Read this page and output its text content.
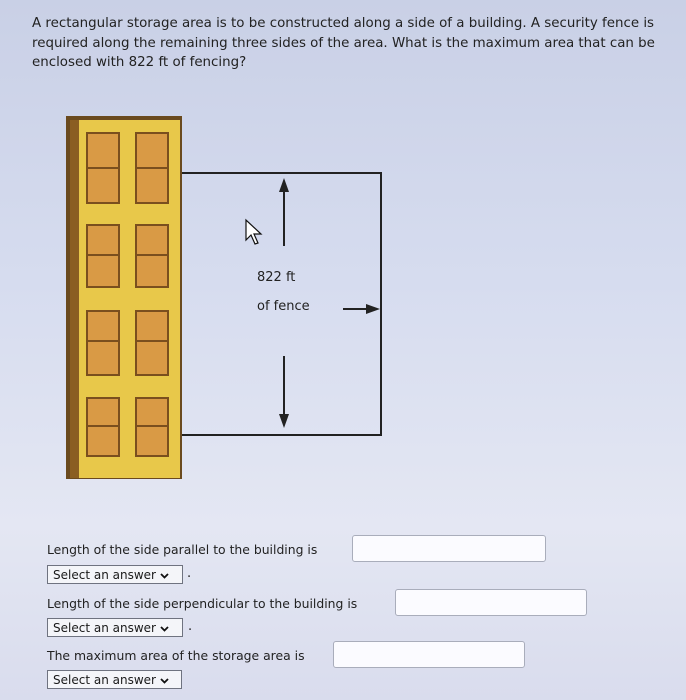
A rectangular storage area is to be constructed along a side of a building. A security fence is required along the remaining three sides of the area. What is the maximum area that can be enclosed with 822 ft of fencing?
822 ft
of fence
Length of the side parallel to the building is
Select an answer .
Length of the side perpendicular to the building is
Select an answer .
The maximum area of the storage area is
Select an answer
